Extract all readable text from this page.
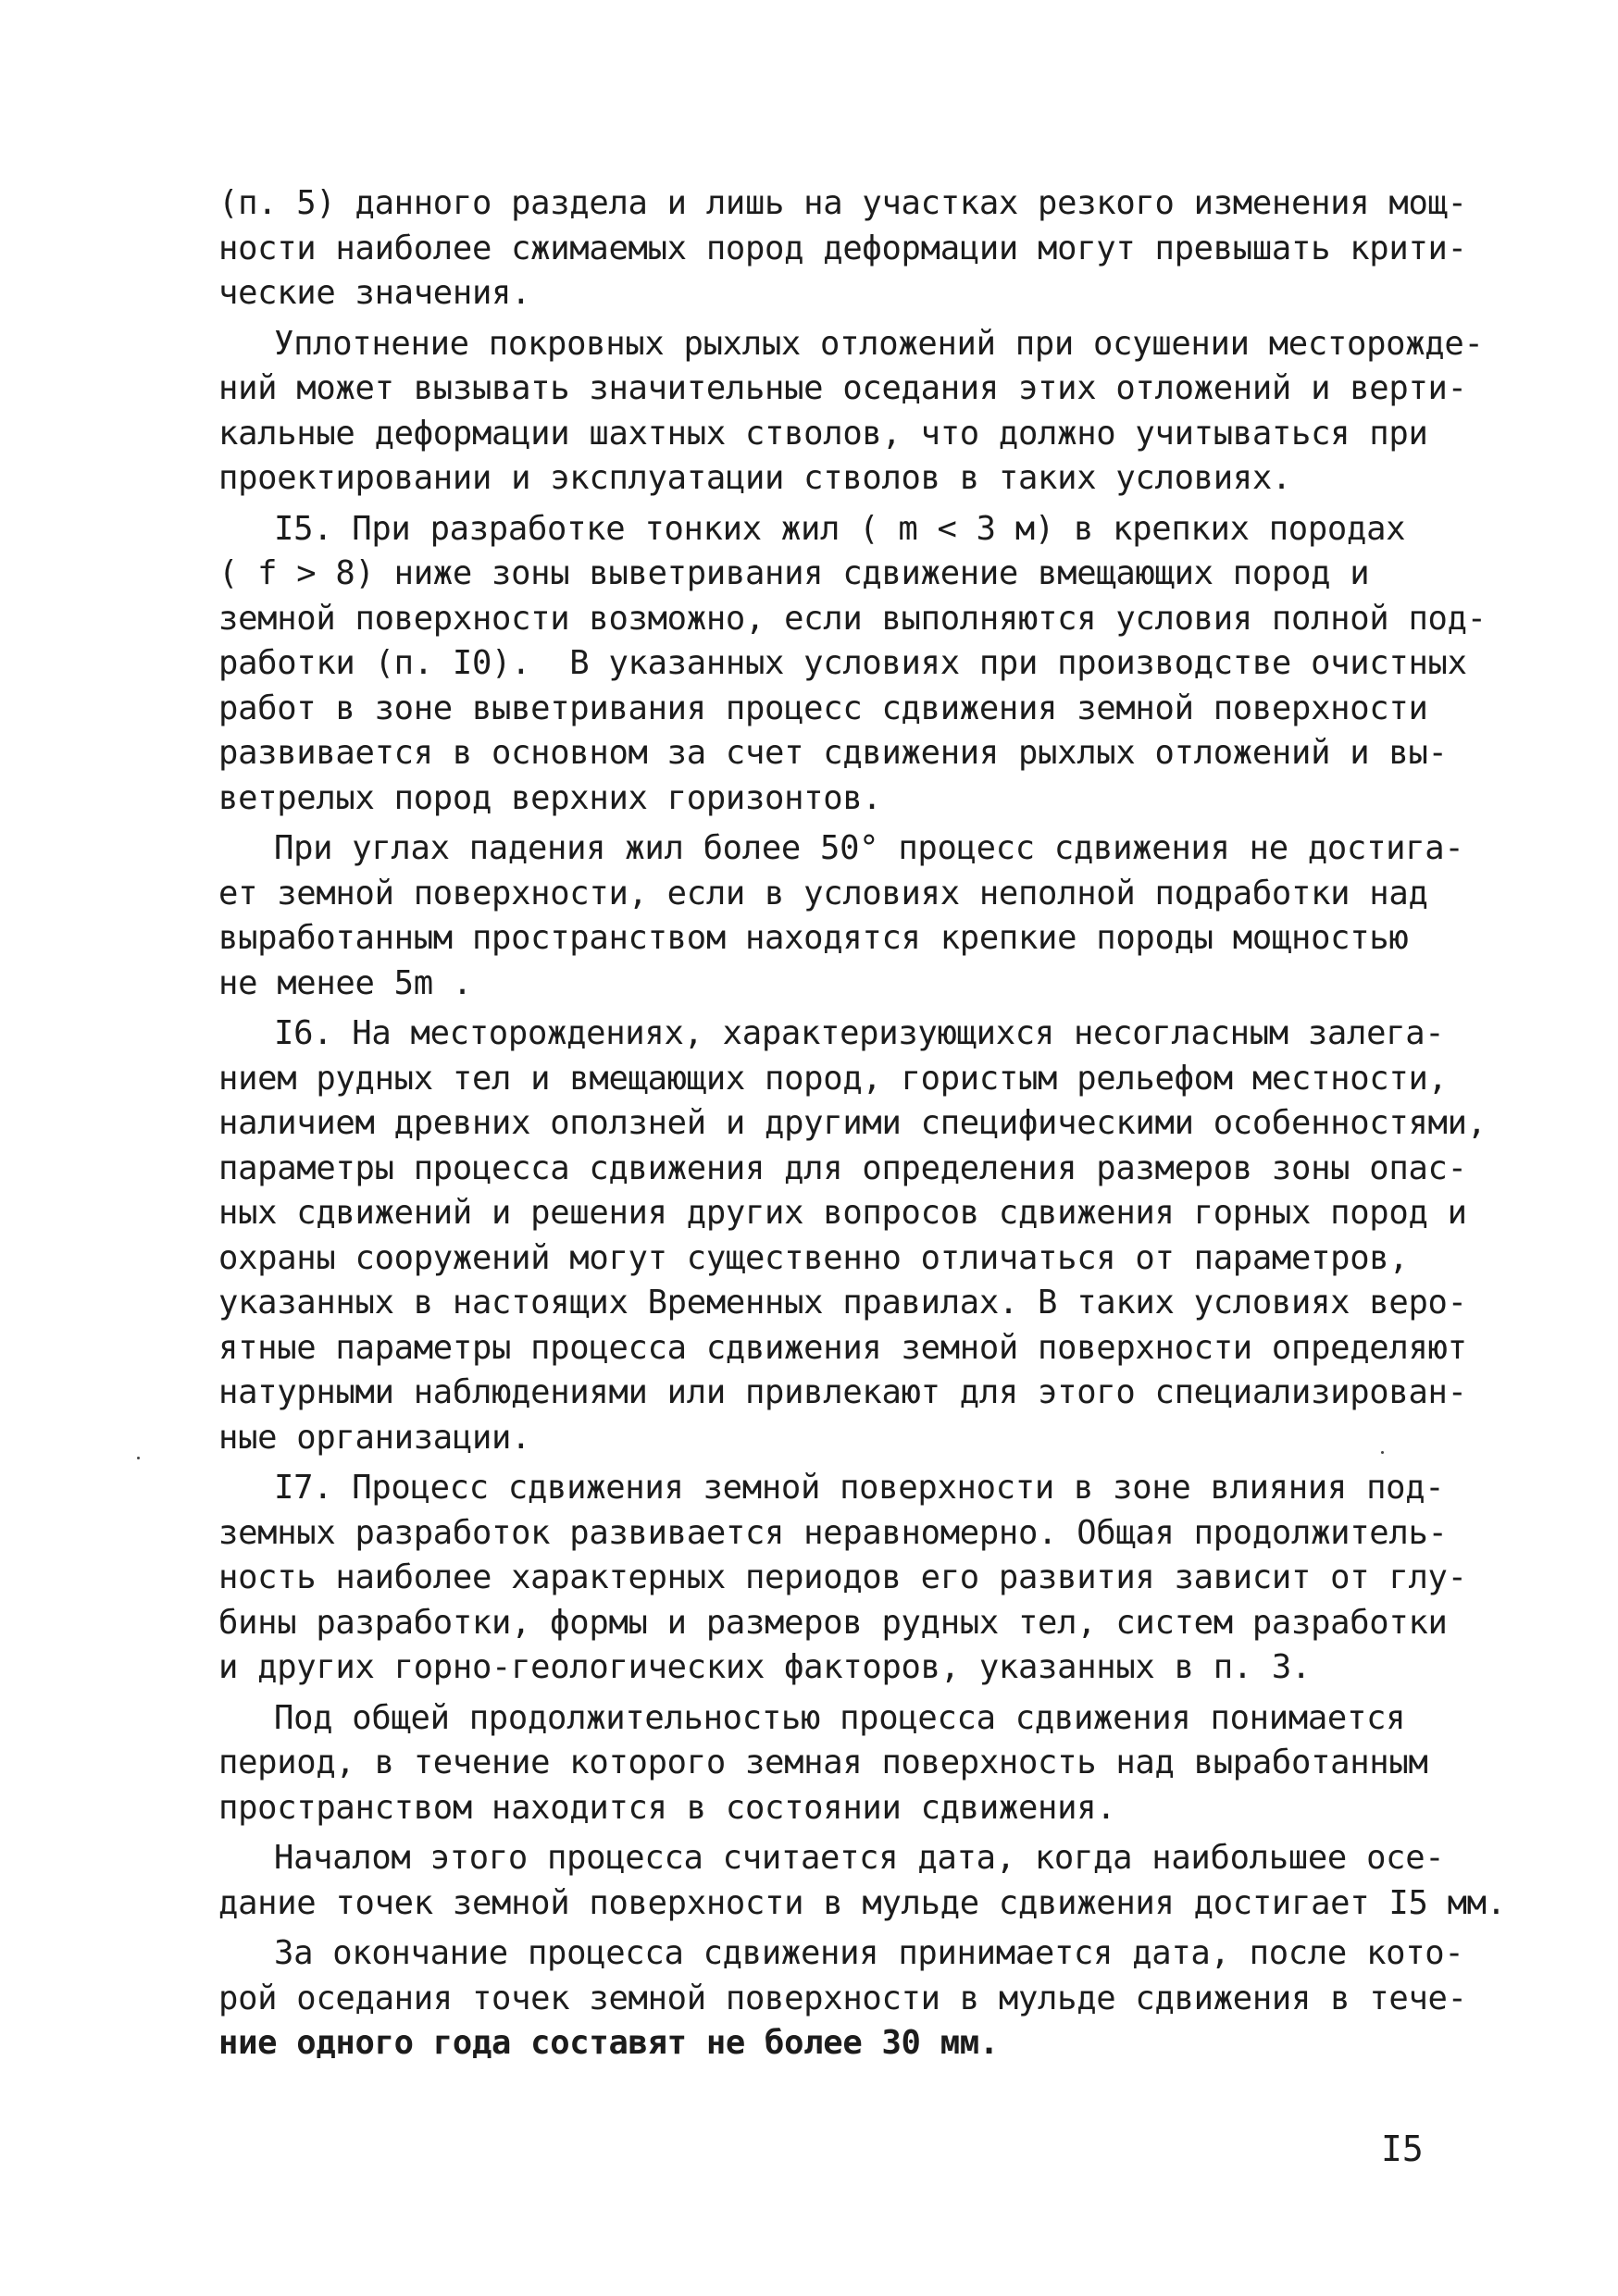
(п. 5) данного раздела и лишь на участках резкого изменения мощ-
ности наиболее сжимаемых пород деформации могут превышать крити-
ческие значения.
Уплотнение покровных рыхлых отложений при осушении месторожде-
ний может вызывать значительные оседания этих отложений и верти-
кальные деформации шахтных стволов, что должно учитываться при
проектировании и эксплуатации стволов в таких условиях.
I5. При разработке тонких жил ( m < 3 м) в крепких породах
( f > 8) ниже зоны выветривания сдвижение вмещающих пород и
земной поверхности возможно, если выполняются условия полной под-
работки (п. I0).  В указанных условиях при производстве очистных
работ в зоне выветривания процесс сдвижения земной поверхности
развивается в основном за счет сдвижения рыхлых отложений и вы-
ветрелых пород верхних горизонтов.
При углах падения жил более 50° процесс сдвижения не достига-
ет земной поверхности, если в условиях неполной подработки над
выработанным пространством находятся крепкие породы мощностью
не менее 5m .
I6. На месторождениях, характеризующихся несогласным залега-
нием рудных тел и вмещающих пород, гористым рельефом местности,
наличием древних оползней и другими специфическими особенностями,
параметры процесса сдвижения для определения размеров зоны опас-
ных сдвижений и решения других вопросов сдвижения горных пород и
охраны сооружений могут существенно отличаться от параметров,
указанных в настоящих Временных правилах. В таких условиях веро-
ятные параметры процесса сдвижения земной поверхности определяют
натурными наблюдениями или привлекают для этого специализирован-
ные организации.
I7. Процесс сдвижения земной поверхности в зоне влияния под-
земных разработок развивается неравномерно. Общая продолжитель-
ность наиболее характерных периодов его развития зависит от глу-
бины разработки, формы и размеров рудных тел, систем разработки
и других горно-геологических факторов, указанных в п. 3.
Под общей продолжительностью процесса сдвижения понимается
период, в течение которого земная поверхность над выработанным
пространством находится в состоянии сдвижения.
Началом этого процесса считается дата, когда наибольшее осе-
дание точек земной поверхности в мульде сдвижения достигает I5 мм.
За окончание процесса сдвижения принимается дата, после кото-
рой оседания точек земной поверхности в мульде сдвижения в тече-
ние одного года составят не более 30 мм.
I5
